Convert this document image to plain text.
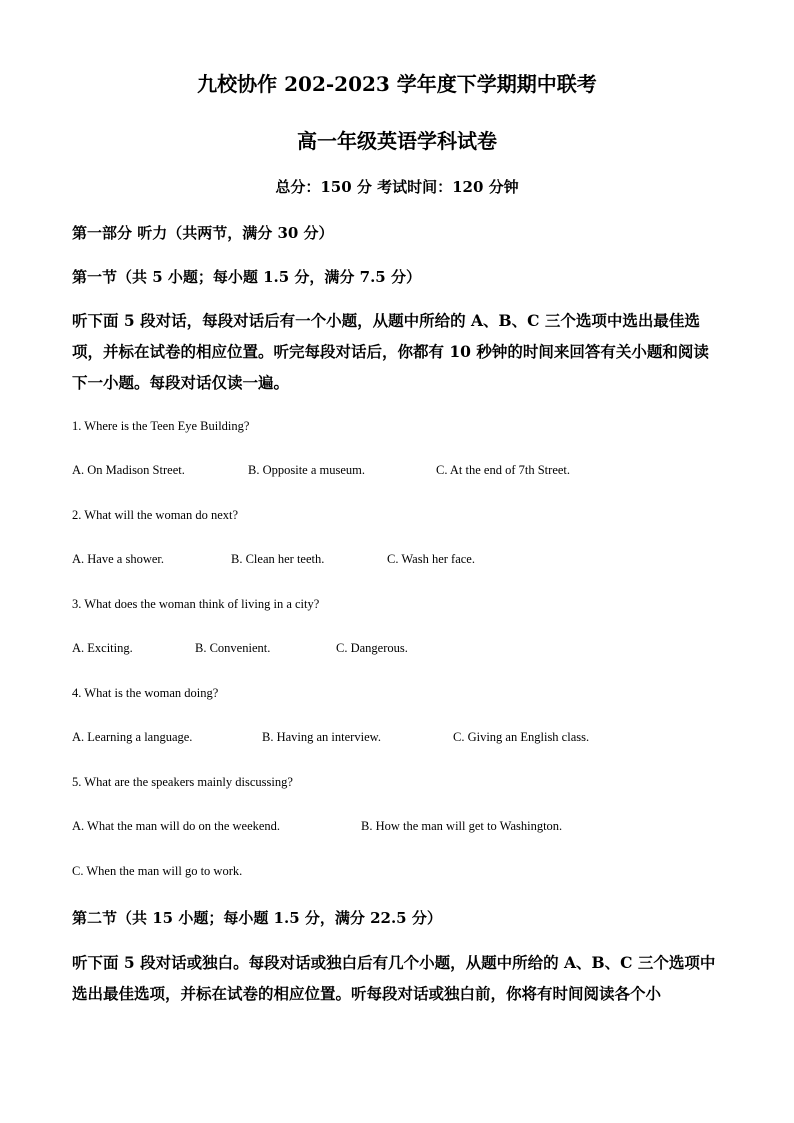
九校协作 202-2023 学年度下学期期中联考
高一年级英语学科试卷
总分：150 分 考试时间：120 分钟
第一部分 听力（共两节，满分 30 分）
第一节（共 5 小题；每小题 1.5 分，满分 7.5 分）
听下面 5 段对话，每段对话后有一个小题，从题中所给的 A、B、C 三个选项中选出最佳选项，并标在试卷的相应位置。听完每段对话后，你都有 10 秒钟的时间来回答有关小题和阅读下一小题。每段对话仅读一遍。
1. Where is the Teen Eye Building?
A. On Madison Street.	B. Opposite a museum.	C. At the end of 7th Street.
2. What will the woman do next?
A. Have a shower.	B. Clean her teeth.	C. Wash her face.
3. What does the woman think of living in a city?
A. Exciting.	B. Convenient.	C. Dangerous.
4. What is the woman doing?
A. Learning a language.	B. Having an interview.	C. Giving an English class.
5. What are the speakers mainly discussing?
A. What the man will do on the weekend.	B. How the man will get to Washington.
C. When the man will go to work.
第二节（共 15 小题；每小题 1.5 分，满分 22.5 分）
听下面 5 段对话或独白。每段对话或独白后有几个小题，从题中所给的 A、B、C 三个选项中选出最佳选项，并标在试卷的相应位置。听每段对话或独白前，你将有时间阅读各个小
